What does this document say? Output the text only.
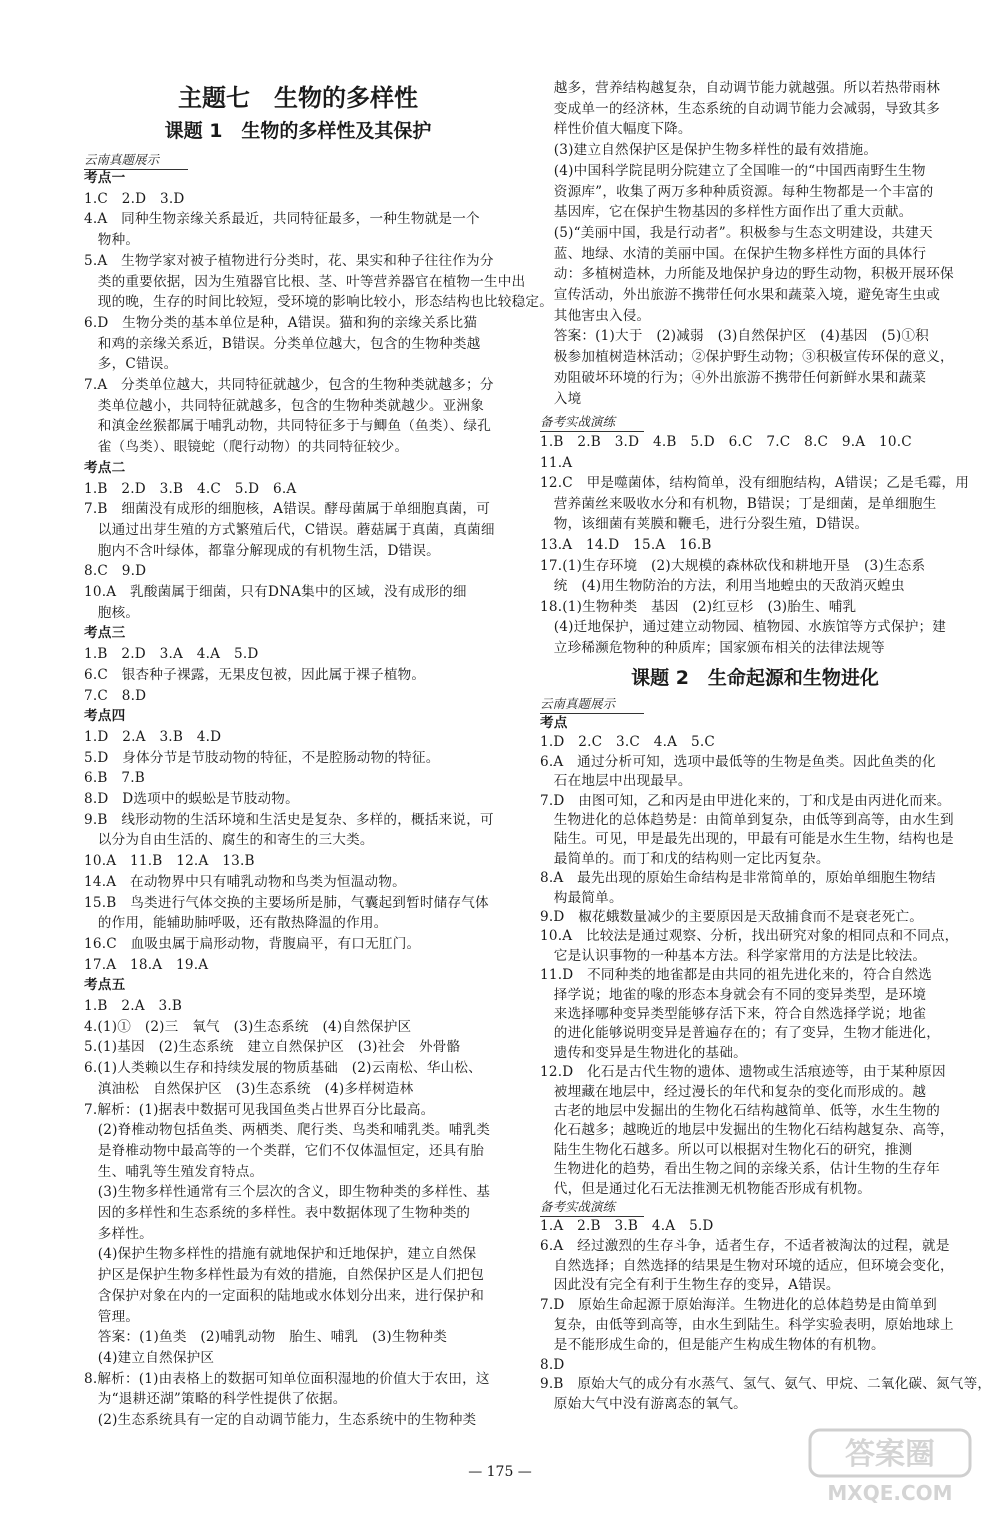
主题七　生物的多样性
课题 1　生物的多样性及其保护
云南真题展示
考点一
1.C　2.D　3.D
4.A　同种生物亲缘关系最近，共同特征最多，一种生物就是一个
　物种。
5.A　生物学家对被子植物进行分类时，花、果实和种子往往作为分
　类的重要依据，因为生殖器官比根、茎、叶等营养器官在植物一生中出
　现的晚，生存的时间比较短，受环境的影响比较小，形态结构也比较稳定。
6.D　生物分类的基本单位是种，A错误。猫和狗的亲缘关系比猫
　和鸡的亲缘关系近，B错误。分类单位越大，包含的生物种类越
　多，C错误。
7.A　分类单位越大，共同特征就越少，包含的生物种类就越多；分
　类单位越小，共同特征就越多，包含的生物种类就越少。亚洲象
　和滇金丝猴都属于哺乳动物，共同特征多于与鲫鱼（鱼类）、绿孔
　雀（鸟类）、眼镜蛇（爬行动物）的共同特征较少。
考点二
1.B　2.D　3.B　4.C　5.D　6.A
7.B　细菌没有成形的细胞核，A错误。酵母菌属于单细胞真菌，可
　以通过出芽生殖的方式繁殖后代，C错误。蘑菇属于真菌，真菌细
　胞内不含叶绿体，都靠分解现成的有机物生活，D错误。
8.C　9.D
10.A　乳酸菌属于细菌，只有DNA集中的区域，没有成形的细
　胞核。
考点三
1.B　2.D　3.A　4.A　5.D
6.C　银杏种子裸露，无果皮包被，因此属于裸子植物。
7.C　8.D
考点四
1.D　2.A　3.B　4.D
5.D　身体分节是节肢动物的特征，不是腔肠动物的特征。
6.B　7.B
8.D　D选项中的蜈蚣是节肢动物。
9.B　线形动物的生活环境和生活史是复杂、多样的，概括来说，可
　以分为自由生活的、腐生的和寄生的三大类。
10.A　11.B　12.A　13.B
14.A　在动物界中只有哺乳动物和鸟类为恒温动物。
15.B　鸟类进行气体交换的主要场所是肺，气囊起到暂时储存气体
　的作用，能辅助肺呼吸，还有散热降温的作用。
16.C　血吸虫属于扁形动物，背腹扁平，有口无肛门。
17.A　18.A　19.A
考点五
1.B　2.A　3.B
4.(1)①　(2)三　氧气　(3)生态系统　(4)自然保护区
5.(1)基因　(2)生态系统　建立自然保护区　(3)社会　外骨骼
6.(1)人类赖以生存和持续发展的物质基础　(2)云南松、华山松、
　滇油松　自然保护区　(3)生态系统　(4)多样树造林
7.解析：(1)据表中数据可见我国鱼类占世界百分比最高。
　(2)脊椎动物包括鱼类、两栖类、爬行类、鸟类和哺乳类。哺乳类
　是脊椎动物中最高等的一个类群，它们不仅体温恒定，还具有胎
　生、哺乳等生殖发育特点。
　(3)生物多样性通常有三个层次的含义，即生物种类的多样性、基
　因的多样性和生态系统的多样性。表中数据体现了生物种类的
　多样性。
　(4)保护生物多样性的措施有就地保护和迁地保护，建立自然保
　护区是保护生物多样性最为有效的措施，自然保护区是人们把包
　含保护对象在内的一定面积的陆地或水体划分出来，进行保护和
　管理。
　答案：(1)鱼类　(2)哺乳动物　胎生、哺乳　(3)生物种类
　(4)建立自然保护区
8.解析：(1)由表格上的数据可知单位面积湿地的价值大于农田，这
　为“退耕还湖”策略的科学性提供了依据。
　(2)生态系统具有一定的自动调节能力，生态系统中的生物种类
　越多，营养结构越复杂，自动调节能力就越强。所以若热带雨林
　变成单一的经济林，生态系统的自动调节能力会减弱，导致其多
　样性价值大幅度下降。
　(3)建立自然保护区是保护生物多样性的最有效措施。
　(4)中国科学院昆明分院建立了全国唯一的“中国西南野生生物
　资源库”，收集了两万多种种质资源。每种生物都是一个丰富的
　基因库，它在保护生物基因的多样性方面作出了重大贡献。
　(5)“美丽中国，我是行动者”。积极参与生态文明建设，共建天
　蓝、地绿、水清的美丽中国。在保护生物多样性方面的具体行
　动：多植树造林，力所能及地保护身边的野生动物，积极开展环保
　宣传活动，外出旅游不携带任何水果和蔬菜入境，避免寄生虫或
　其他害虫入侵。
　答案：(1)大于　(2)减弱　(3)自然保护区　(4)基因　(5)①积
　极参加植树造林活动；②保护野生动物；③积极宣传环保的意义，
　劝阻破坏环境的行为；④外出旅游不携带任何新鲜水果和蔬菜
　入境
备考实战演练
1.B　2.B　3.D　4.B　5.D　6.C　7.C　8.C　9.A　10.C
11.A
12.C　甲是噬菌体，结构简单，没有细胞结构，A错误；乙是毛霉，用
　营养菌丝来吸收水分和有机物，B错误；丁是细菌，是单细胞生
　物，该细菌有荚膜和鞭毛，进行分裂生殖，D错误。
13.A　14.D　15.A　16.B
17.(1)生存环境　(2)大规模的森林砍伐和耕地开垦　(3)生态系
　统　(4)用生物防治的方法，利用当地蝗虫的天敌消灭蝗虫
18.(1)生物种类　基因　(2)红豆杉　(3)胎生、哺乳
　(4)迁地保护，通过建立动物园、植物园、水族馆等方式保护；建
　立珍稀濒危物种的种质库；国家颁布相关的法律法规等
课题 2　生命起源和生物进化
云南真题展示
考点
1.D　2.C　3.C　4.A　5.C
6.A　通过分析可知，选项中最低等的生物是鱼类。因此鱼类的化
　石在地层中出现最早。
7.D　由图可知，乙和丙是由甲进化来的，丁和戊是由丙进化而来。
　生物进化的总体趋势是：由简单到复杂，由低等到高等，由水生到
　陆生。可见，甲是最先出现的，甲最有可能是水生生物，结构也是
　最简单的。而丁和戊的结构则一定比丙复杂。
8.A　最先出现的原始生命结构是非常简单的，原始单细胞生物结
　构最简单。
9.D　椒花蛾数量减少的主要原因是天敌捕食而不是衰老死亡。
10.A　比较法是通过观察、分析，找出研究对象的相同点和不同点，
　它是认识事物的一种基本方法。科学家常用的方法是比较法。
11.D　不同种类的地雀都是由共同的祖先进化来的，符合自然选
　择学说；地雀的喙的形态本身就会有不同的变异类型，是环境
　来选择哪种变异类型能够存活下来，符合自然选择学说；地雀
　的进化能够说明变异是普遍存在的；有了变异，生物才能进化，
　遗传和变异是生物进化的基础。
12.D　化石是古代生物的遗体、遗物或生活痕迹等，由于某种原因
　被埋藏在地层中，经过漫长的年代和复杂的变化而形成的。越
　古老的地层中发掘出的生物化石结构越简单、低等，水生生物的
　化石越多；越晚近的地层中发掘出的生物化石结构越复杂、高等，
　陆生生物化石越多。所以可以根据对生物化石的研究，推测
　生物进化的趋势，看出生物之间的亲缘关系，估计生物的生存年
　代，但是通过化石无法推测无机物能否形成有机物。
备考实战演练
1.A　2.B　3.B　4.A　5.D
6.A　经过激烈的生存斗争，适者生存，不适者被淘汰的过程，就是
　自然选择；自然选择的结果是生物对环境的适应，但环境会变化，
　因此没有完全有利于生物生存的变异，A错误。
7.D　原始生命起源于原始海洋。生物进化的总体趋势是由简单到
　复杂，由低等到高等，由水生到陆生。科学实验表明，原始地球上
　是不能形成生命的，但是能产生构成生物体的有机物。
8.D
9.B　原始大气的成分有水蒸气、氢气、氨气、甲烷、二氧化碳、氮气等，
　原始大气中没有游离态的氧气。
— 175 —	答案圈
MXQE.COM
